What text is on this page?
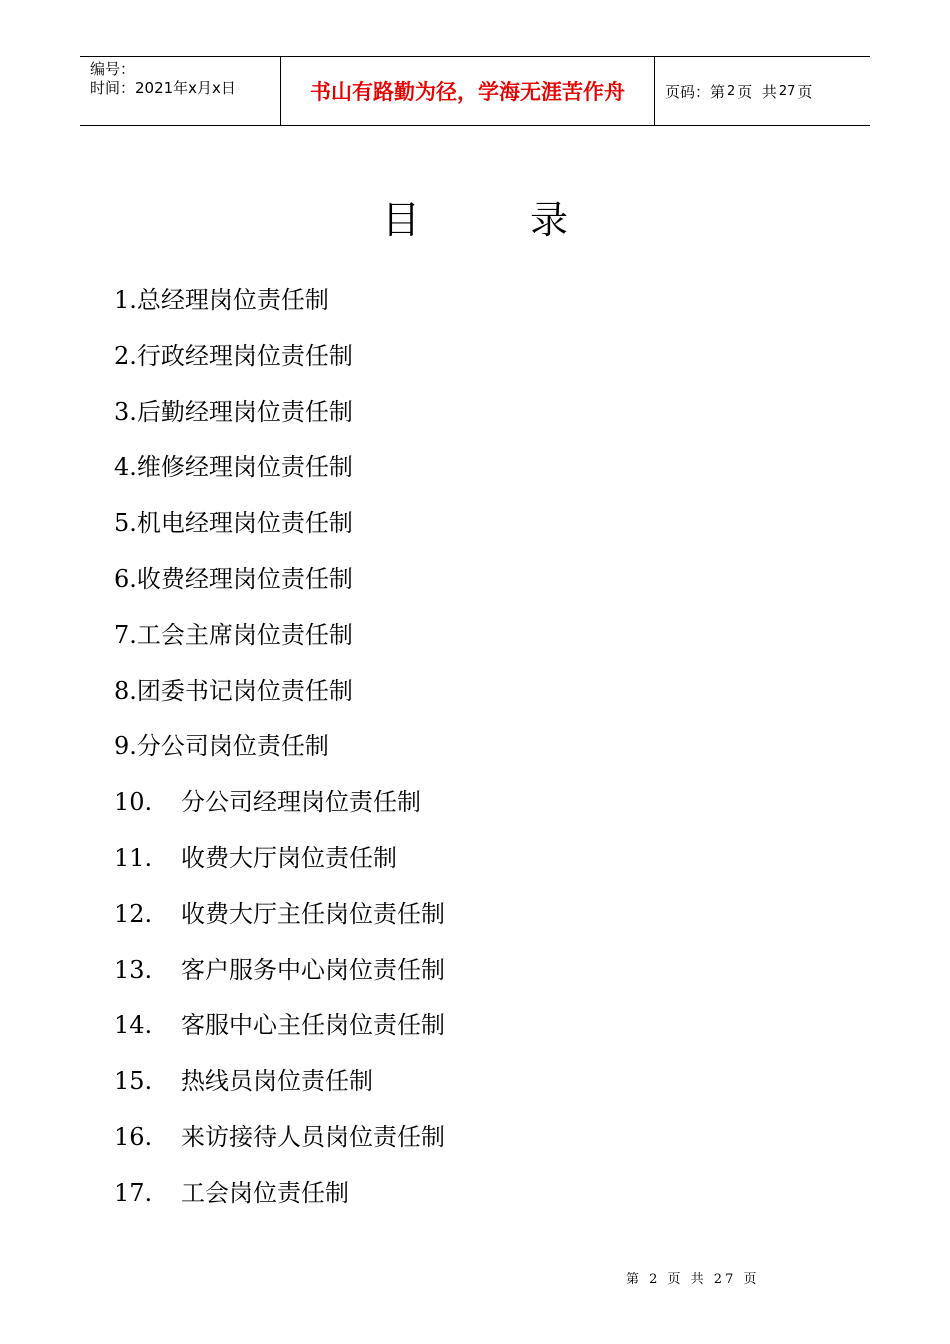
编号：
时间：2021年x月x日	书山有路勤为径，学海无涯苦作舟	页码：第 2 页  共 27 页
目	录
1.总经理岗位责任制
2.行政经理岗位责任制
3.后勤经理岗位责任制
4.维修经理岗位责任制
5.机电经理岗位责任制
6.收费经理岗位责任制
7.工会主席岗位责任制
8.团委书记岗位责任制
9.分公司岗位责任制
10. 分公司经理岗位责任制
11. 收费大厅岗位责任制
12. 收费大厅主任岗位责任制
13. 客户服务中心岗位责任制
14. 客服中心主任岗位责任制
15. 热线员岗位责任制
16. 来访接待人员岗位责任制
17. 工会岗位责任制
第 2 页 共 27 页
